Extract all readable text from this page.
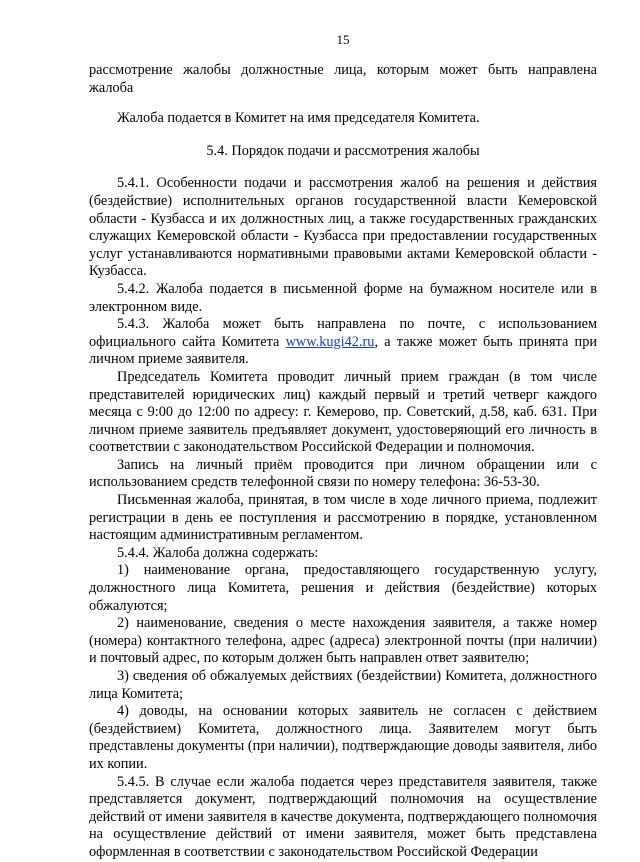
15

рассмотрение жалобы должностные лица, которым может быть направлена жалоба

Жалоба подается в Комитет на имя председателя Комитета.

5.4. Порядок подачи и рассмотрения жалобы

5.4.1. Особенности подачи и рассмотрения жалоб на решения и действия (бездействие) исполнительных органов государственной власти Кемеровской области - Кузбасса и их должностных лиц, а также государственных гражданских служащих Кемеровской области - Кузбасса при предоставлении государственных услуг устанавливаются нормативными правовыми актами Кемеровской области - Кузбасса.

5.4.2. Жалоба подается в письменной форме на бумажном носителе или в электронном виде.

5.4.3. Жалоба может быть направлена по почте, с использованием официального сайта Комитета www.kugi42.ru, а также может быть принята при личном приеме заявителя.

Председатель Комитета проводит личный прием граждан (в том числе представителей юридических лиц) каждый первый и третий четверг каждого месяца с 9:00 до 12:00 по адресу: г. Кемерово, пр. Советский, д.58, каб. 631. При личном приеме заявитель предъявляет документ, удостоверяющий его личность в соответствии с законодательством Российской Федерации и полномочия.

Запись на личный приём проводится при личном обращении или с использованием средств телефонной связи по номеру телефона: 36-53-30.

Письменная жалоба, принятая, в том числе в ходе личного приема, подлежит регистрации в день ее поступления и рассмотрению в порядке, установленном настоящим административным регламентом.

5.4.4. Жалоба должна содержать:

1) наименование органа, предоставляющего государственную услугу, должностного лица Комитета, решения и действия (бездействие) которых обжалуются;

2) наименование, сведения о месте нахождения заявителя, а также номер (номера) контактного телефона, адрес (адреса) электронной почты (при наличии) и почтовый адрес, по которым должен быть направлен ответ заявителю;

3) сведения об обжалуемых действиях (бездействии) Комитета, должностного лица Комитета;

4) доводы, на основании которых заявитель не согласен с действием (бездействием) Комитета, должностного лица. Заявителем могут быть представлены документы (при наличии), подтверждающие доводы заявителя, либо их копии.

5.4.5. В случае если жалоба подается через представителя заявителя, также представляется документ, подтверждающий полномочия на осуществление действий от имени заявителя в качестве документа, подтверждающего полномочия на осуществление действий от имени заявителя, может быть представлена оформленная в соответствии с законодательством Российской Федерации
